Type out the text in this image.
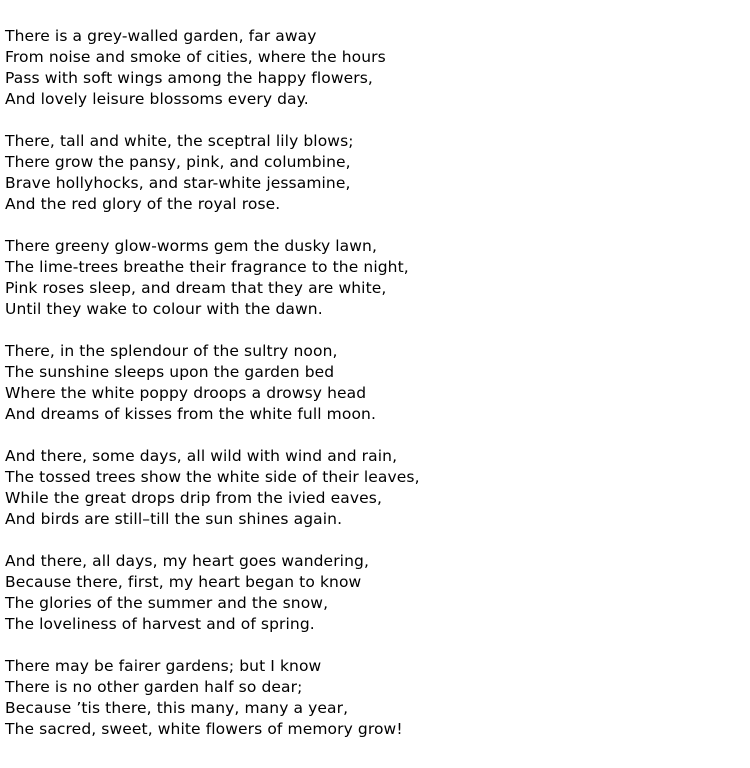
There is a grey-walled garden, far away
From noise and smoke of cities, where the hours
Pass with soft wings among the happy flowers,
And lovely leisure blossoms every day.
There, tall and white, the sceptral lily blows;
There grow the pansy, pink, and columbine,
Brave hollyhocks, and star-white jessamine,
And the red glory of the royal rose.
There greeny glow-worms gem the dusky lawn,
The lime-trees breathe their fragrance to the night,
Pink roses sleep, and dream that they are white,
Until they wake to colour with the dawn.
There, in the splendour of the sultry noon,
The sunshine sleeps upon the garden bed
Where the white poppy droops a drowsy head
And dreams of kisses from the white full moon.
And there, some days, all wild with wind and rain,
The tossed trees show the white side of their leaves,
While the great drops drip from the ivied eaves,
And birds are still–till the sun shines again.
And there, all days, my heart goes wandering,
Because there, first, my heart began to know
The glories of the summer and the snow,
The loveliness of harvest and of spring.
There may be fairer gardens; but I know
There is no other garden half so dear;
Because ’tis there, this many, many a year,
The sacred, sweet, white flowers of memory grow!
